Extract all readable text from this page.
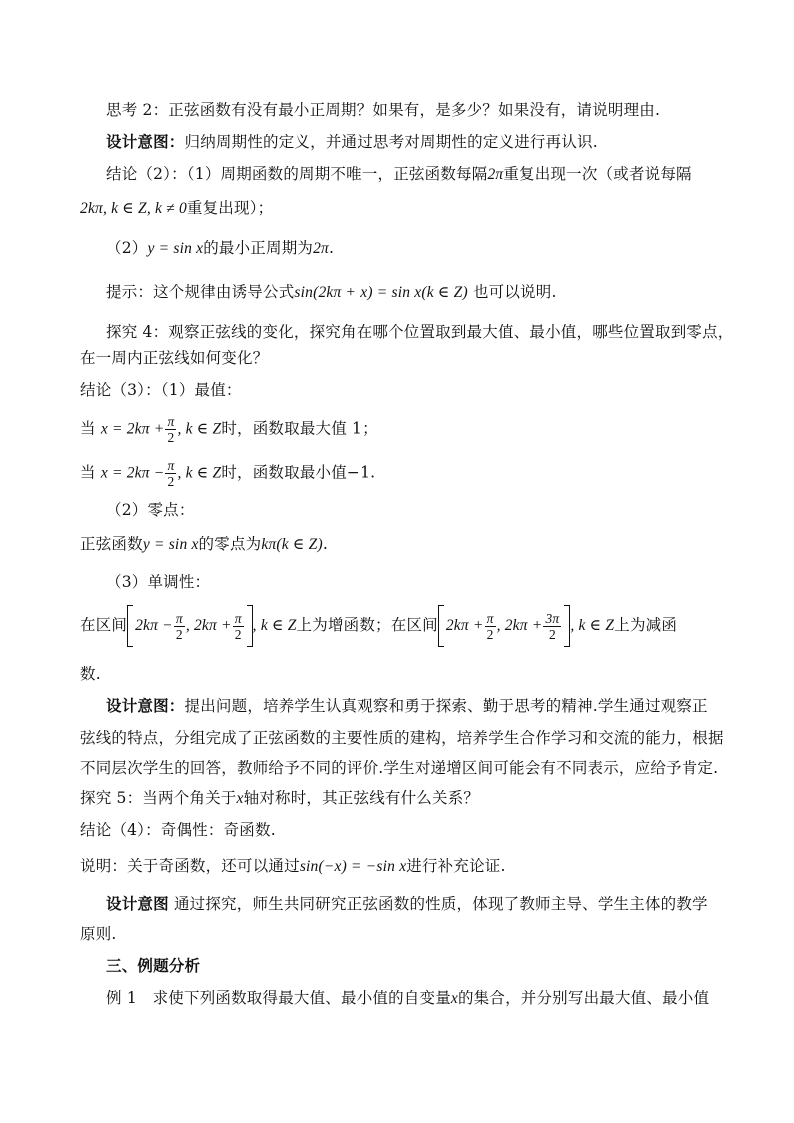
思考 2：正弦函数有没有最小正周期？如果有，是多少？如果没有，请说明理由.
设计意图：归纳周期性的定义，并通过思考对周期性的定义进行再认识.
结论（2）：（1）周期函数的周期不唯一，正弦函数每隔2π重复出现一次（或者说每隔
2kπ, k ∈ Z, k ≠ 0重复出现）；
（2）y = sin x的最小正周期为2π.
提示：这个规律由诱导公式sin(2kπ + x) = sin x(k ∈ Z) 也可以说明.
探究 4：观察正弦线的变化，探究角在哪个位置取到最大值、最小值，哪些位置取到零点，
在一周内正弦线如何变化？
结论（3）：（1）最值：
当 $x = 2k\pi + \frac{\pi}{2}$ , k ∈ Z时，函数取最大值 1；
当 $x = 2k\pi - \frac{\pi}{2}$ , k ∈ Z时，函数取最小值−1.
（2）零点：
正弦函数y = sin x的零点为kπ(k ∈ Z).
（3）单调性：
在区间 $2k\pi - \frac{\pi}{2}$ , $2k\pi + \frac{\pi}{2}$ , k ∈ Z上为增函数；在区间 $2k\pi + \frac{\pi}{2}$ , $2k\pi + \frac{3\pi}{2}$ , k ∈ Z上为减函
数.
设计意图：提出问题，培养学生认真观察和勇于探索、勤于思考的精神.学生通过观察正
弦线的特点，分组完成了正弦函数的主要性质的建构，培养学生合作学习和交流的能力，根据
不同层次学生的回答，教师给予不同的评价.学生对递增区间可能会有不同表示，应给予肯定.
探究 5：当两个角关于x轴对称时，其正弦线有什么关系？
结论（4）：奇偶性：奇函数.
说明：关于奇函数，还可以通过sin(−x) = −sin x进行补充论证.
设计意图 通过探究，师生共同研究正弦函数的性质，体现了教师主导、学生主体的教学
原则.
三、例题分析
例 1　求使下列函数取得最大值、最小值的自变量x的集合，并分别写出最大值、最小值
